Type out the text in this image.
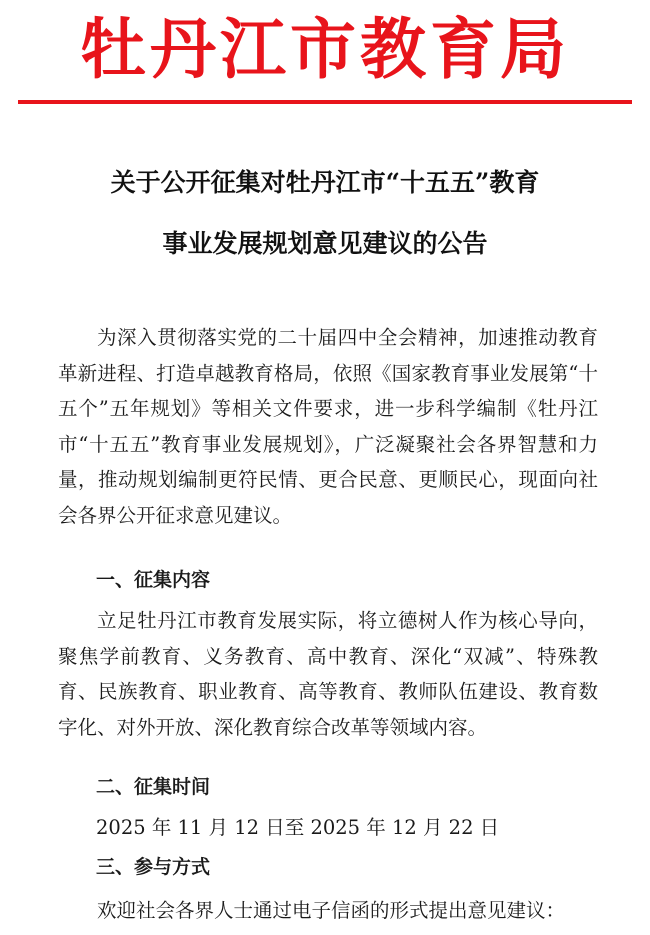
牡丹江市教育局
关于公开征集对牡丹江市“十五五”教育
事业发展规划意见建议的公告

为深入贯彻落实党的二十届四中全会精神，加速推动教育革新进程、打造卓越教育格局，依照《国家教育事业发展第“十五个”五年规划》等相关文件要求，进一步科学编制《牡丹江市“十五五”教育事业发展规划》，广泛凝聚社会各界智慧和力量，推动规划编制更符民情、更合民意、更顺民心，现面向社会各界公开征求意见建议。

一、征集内容

立足牡丹江市教育发展实际，将立德树人作为核心导向，聚焦学前教育、义务教育、高中教育、深化“双减”、特殊教育、民族教育、职业教育、高等教育、教师队伍建设、教育数字化、对外开放、深化教育综合改革等领域内容。

二、征集时间

2025 年 11 月 12 日至 2025 年 12 月 22 日

三、参与方式

欢迎社会各界人士通过电子信函的形式提出意见建议：
